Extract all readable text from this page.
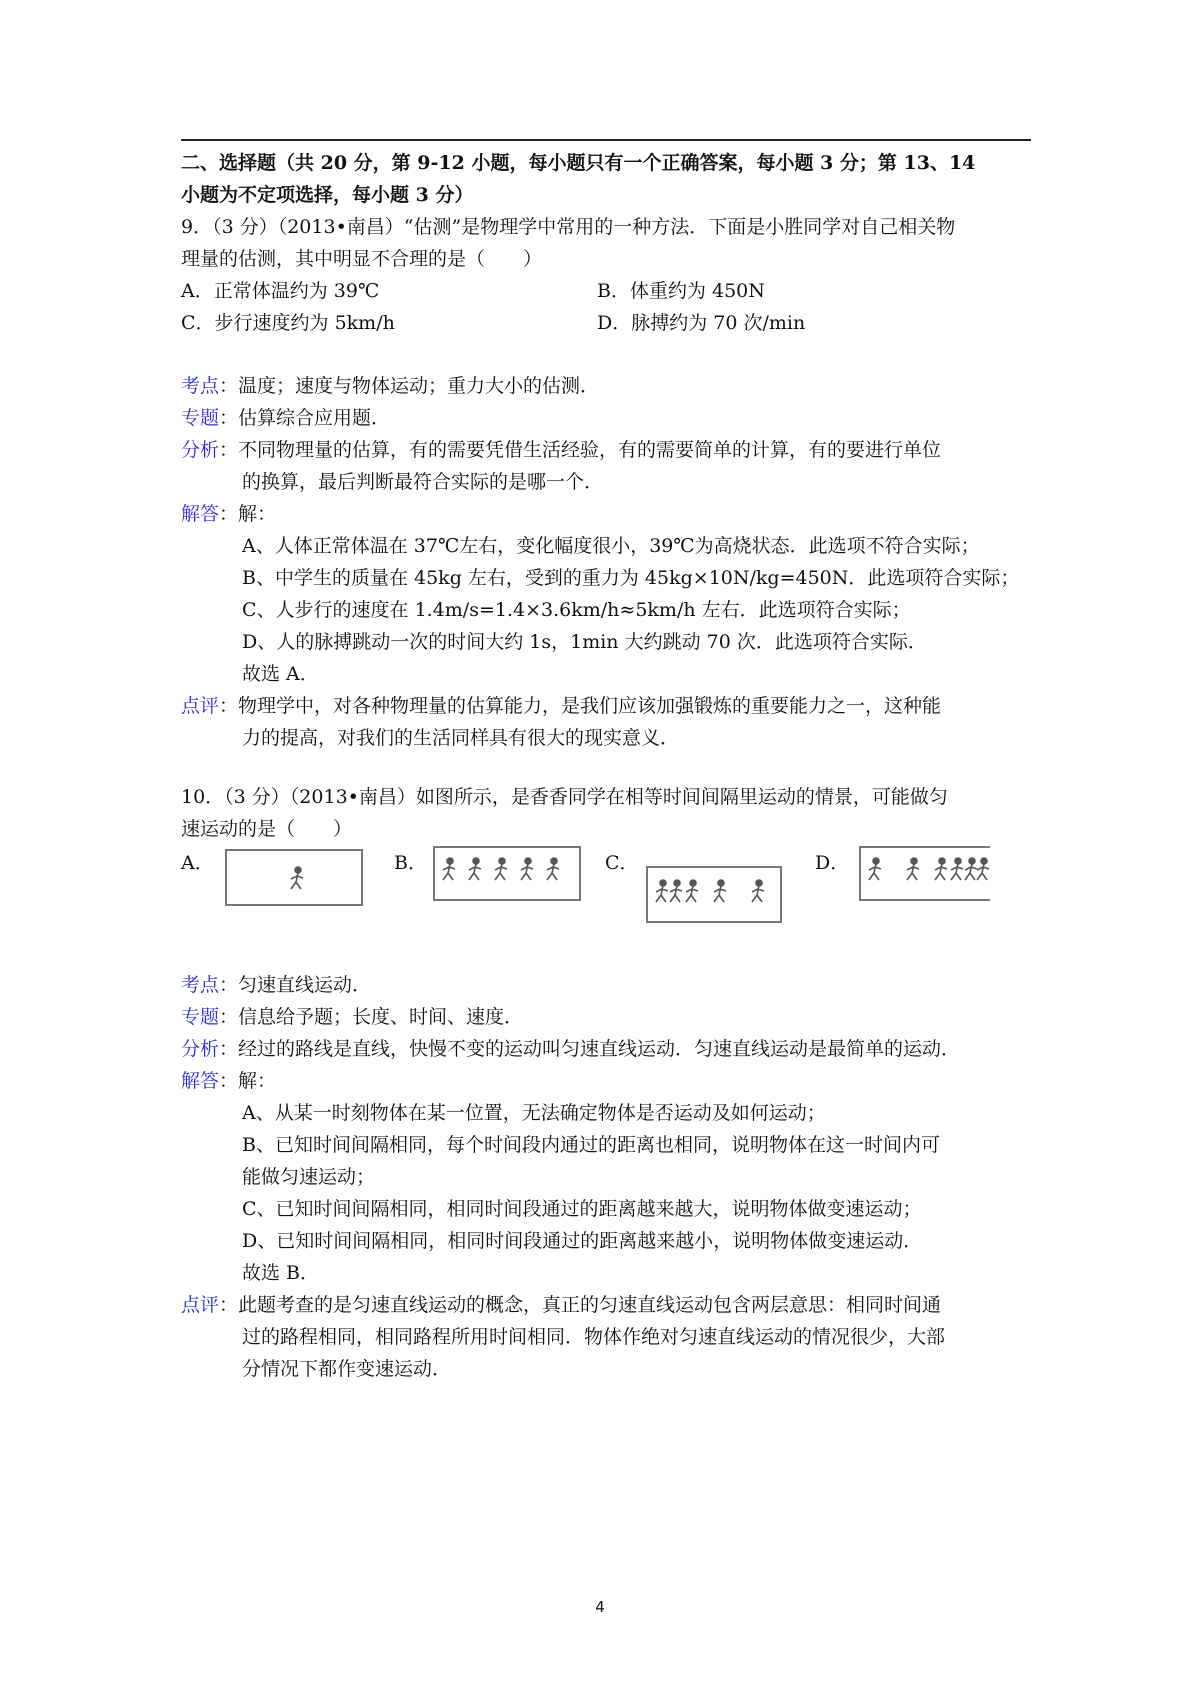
二、选择题（共 20 分，第 9-12 小题，每小题只有一个正确答案，每小题 3 分；第 13、14
小题为不定项选择，每小题 3 分）
9．（3 分）（2013•南昌）“估测”是物理学中常用的一种方法．下面是小胜同学对自己相关物
理量的估测，其中明显不合理的是（　　）
A．正常体温约为 39℃	B．体重约为 450N
C．步行速度约为 5km/h	D．脉搏约为 70 次/min
考点：温度；速度与物体运动；重力大小的估测．
专题：估算综合应用题．
分析：不同物理量的估算，有的需要凭借生活经验，有的需要简单的计算，有的要进行单位
的换算，最后判断最符合实际的是哪一个．
解答：解：
A、人体正常体温在 37℃左右，变化幅度很小，39℃为高烧状态．此选项不符合实际；
B、中学生的质量在 45kg 左右，受到的重力为 45kg×10N/kg=450N．此选项符合实际；
C、人步行的速度在 1.4m/s=1.4×3.6km/h≈5km/h 左右．此选项符合实际；
D、人的脉搏跳动一次的时间大约 1s，1min 大约跳动 70 次．此选项符合实际．
故选 A．
点评：物理学中，对各种物理量的估算能力，是我们应该加强锻炼的重要能力之一，这种能
力的提高，对我们的生活同样具有很大的现实意义．
10．（3 分）（2013•南昌）如图所示，是香香同学在相等时间间隔里运动的情景，可能做匀
速运动的是（　　）
A．	B．	C．	D．
考点：匀速直线运动．
专题：信息给予题；长度、时间、速度．
分析：经过的路线是直线，快慢不变的运动叫匀速直线运动．匀速直线运动是最简单的运动．
解答：解：
A、从某一时刻物体在某一位置，无法确定物体是否运动及如何运动；
B、已知时间间隔相同，每个时间段内通过的距离也相同，说明物体在这一时间内可
能做匀速运动；
C、已知时间间隔相同，相同时间段通过的距离越来越大，说明物体做变速运动；
D、已知时间间隔相同，相同时间段通过的距离越来越小，说明物体做变速运动．
故选 B．
点评：此题考查的是匀速直线运动的概念，真正的匀速直线运动包含两层意思：相同时间通
过的路程相同，相同路程所用时间相同．物体作绝对匀速直线运动的情况很少，大部
分情况下都作变速运动．
4
